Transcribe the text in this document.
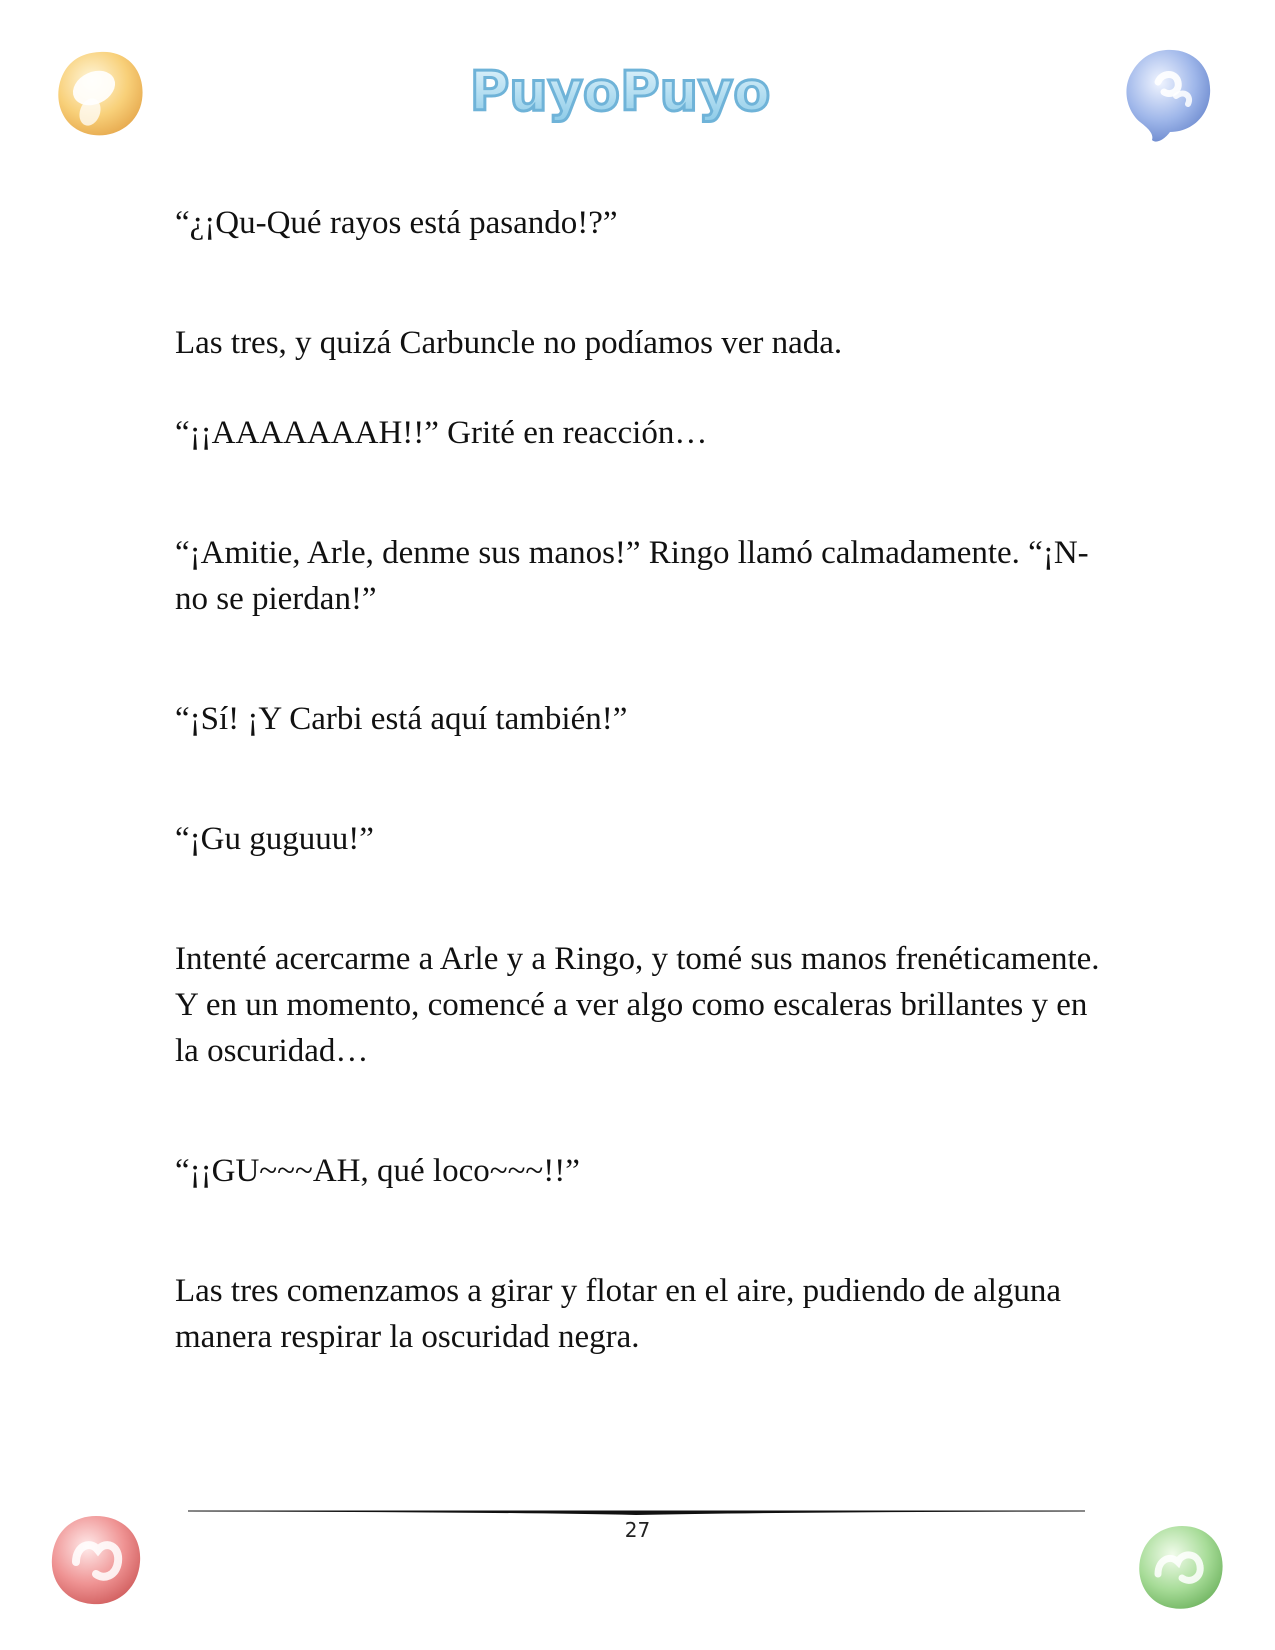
PuyoPuyo

“¿¡Qu-Qué rayos está pasando!?”

Las tres, y quizá Carbuncle no podíamos ver nada.

“¡¡AAAAAAAH!!” Grité en reacción…

“¡Amitie, Arle, denme sus manos!” Ringo llamó calmadamente. “¡N-no se pierdan!”

“¡Sí! ¡Y Carbi está aquí también!”

“¡Gu guguuu!”

Intenté acercarme a Arle y a Ringo, y tomé sus manos frenéticamente. Y en un momento, comencé a ver algo como escaleras brillantes y en la oscuridad…

“¡¡GU~~~AH, qué loco~~~!!”

Las tres comenzamos a girar y flotar en el aire, pudiendo de alguna manera respirar la oscuridad negra.

27
